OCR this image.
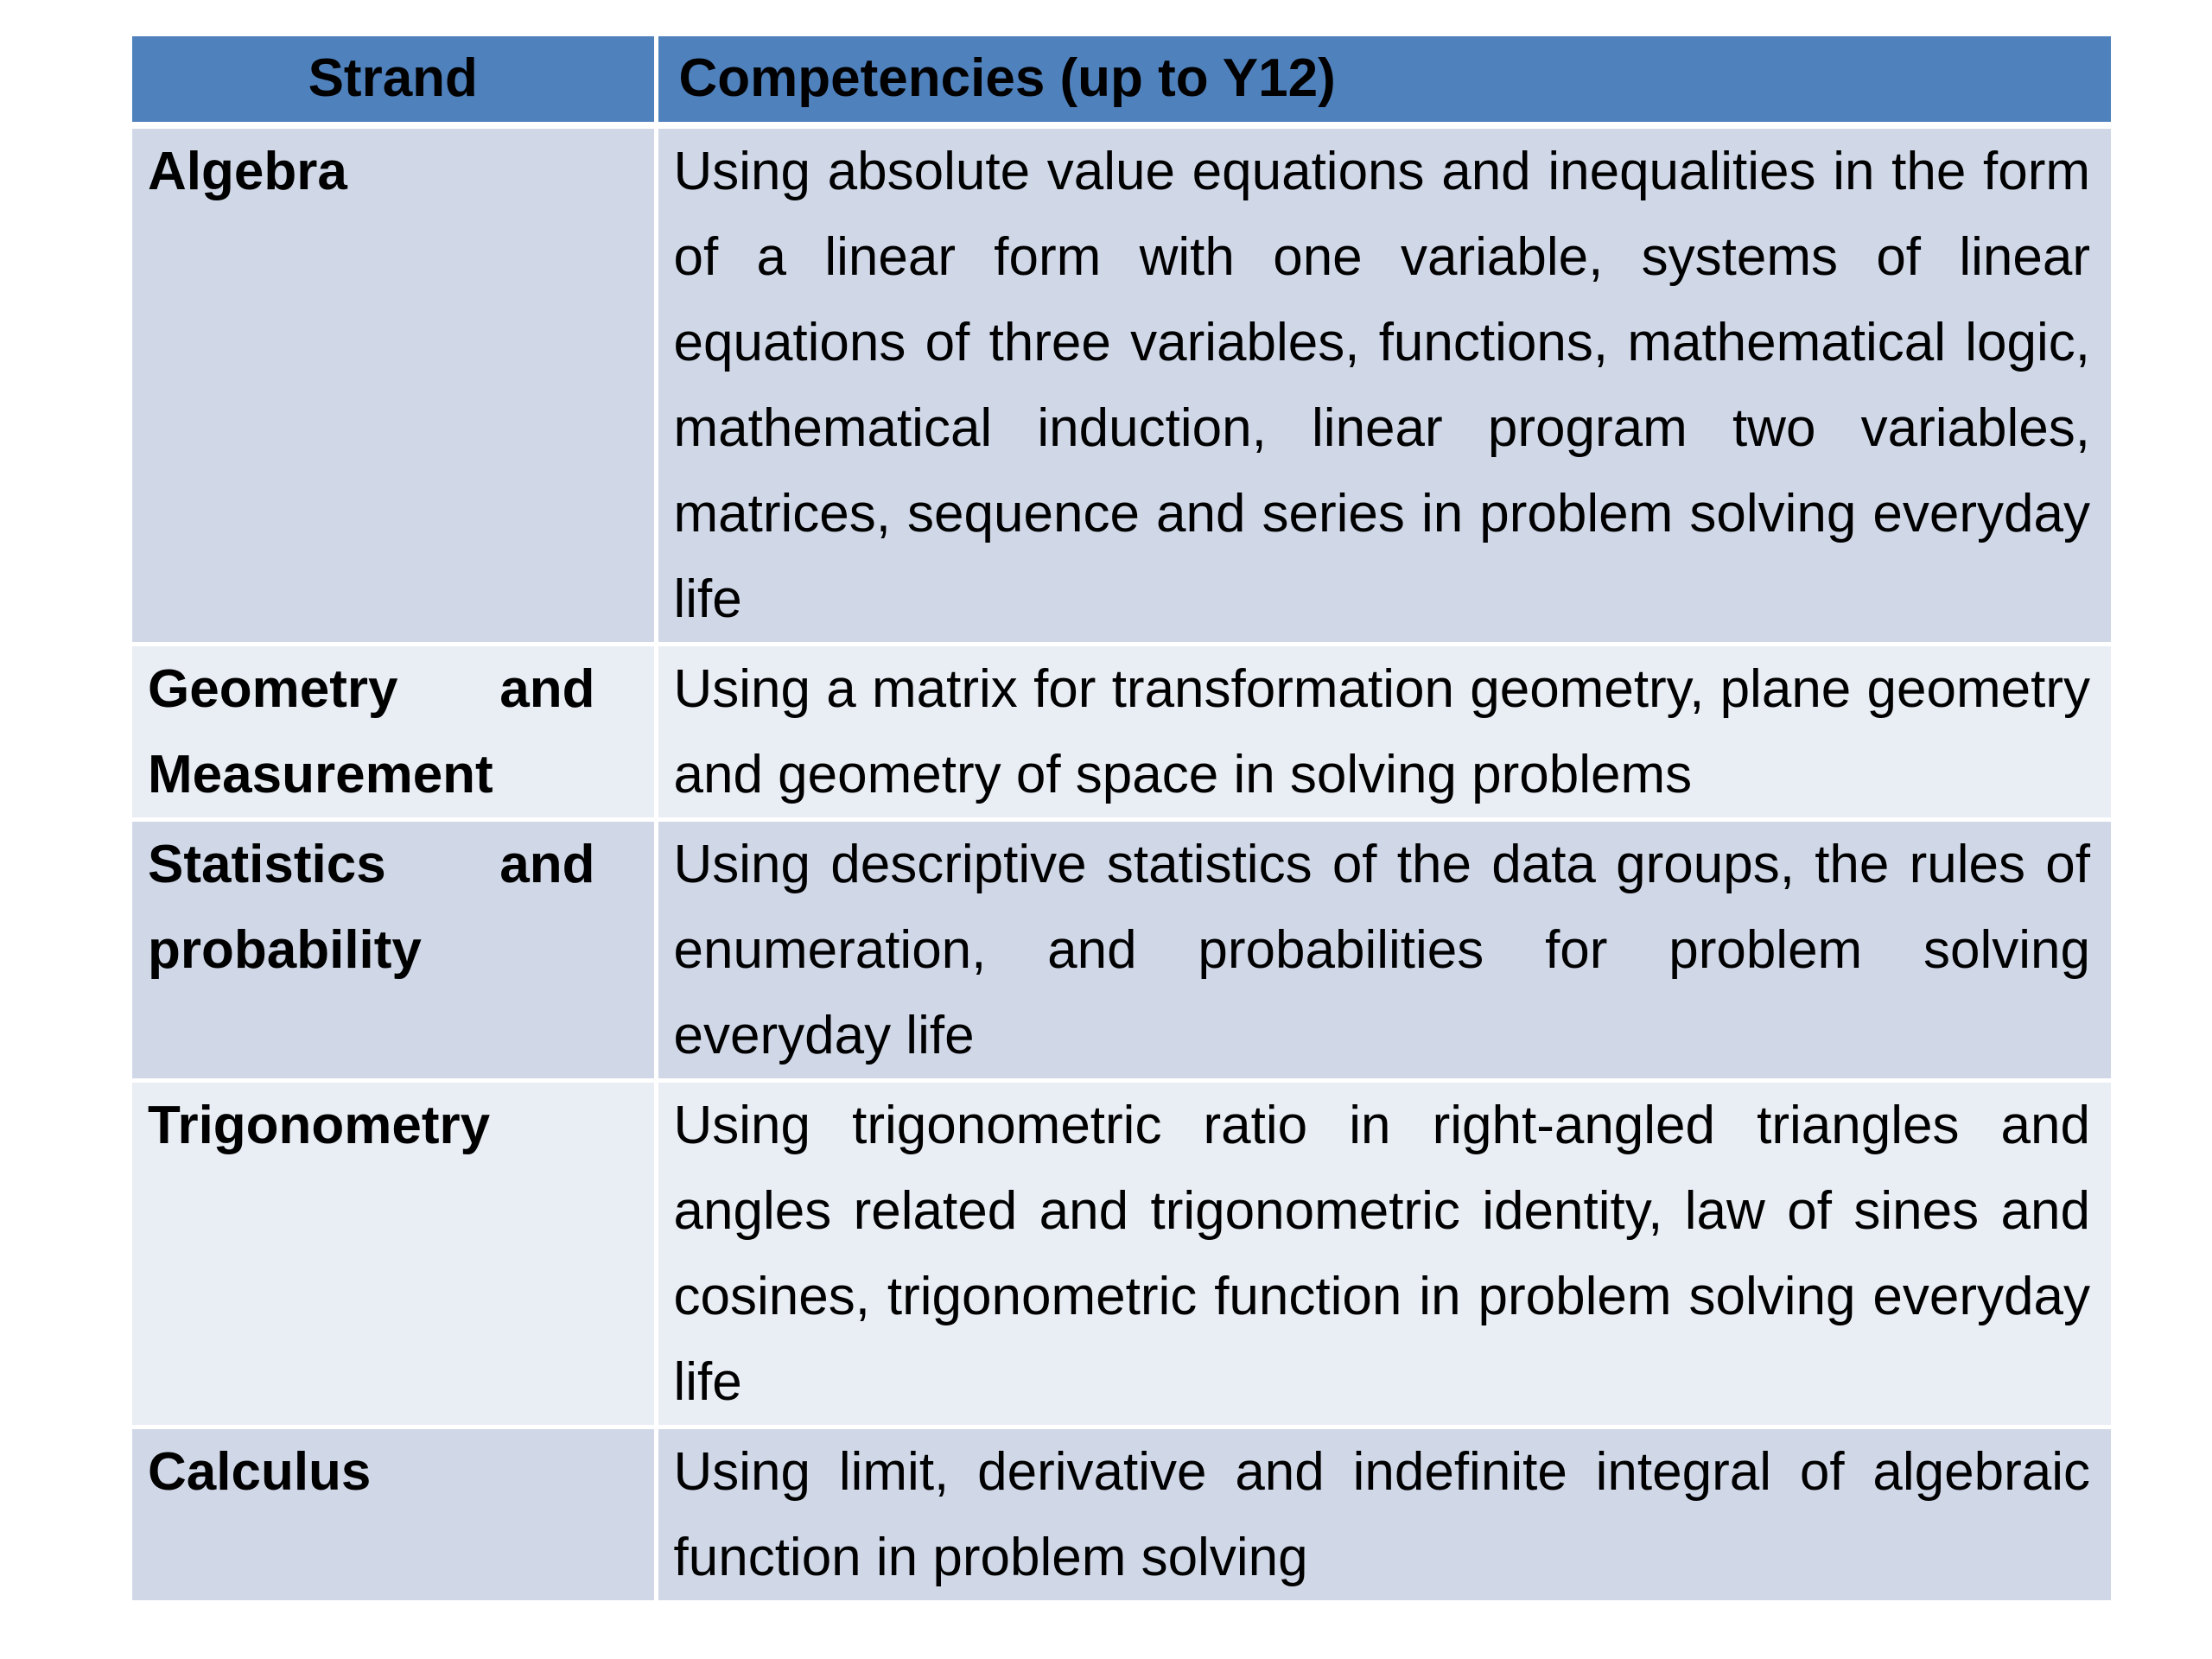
Strand	Competencies (up to Y12)

Algebra	Using absolute value equations and inequalities in the form of a linear form with one variable, systems of linear equations of three variables, functions, mathematical logic, mathematical induction, linear program two variables, matrices, sequence and series in problem solving everyday life

Geometry and Measurement	Using a matrix for transformation geometry, plane geometry and geometry of space in solving problems

Statistics and probability	Using descriptive statistics of the data groups, the rules of enumeration, and probabilities for problem solving everyday life

Trigonometry	Using trigonometric ratio in right-angled triangles and angles related and trigonometric identity, law of sines and cosines, trigonometric function in problem solving everyday life

Calculus	Using limit, derivative and indefinite integral of algebraic function in problem solving
